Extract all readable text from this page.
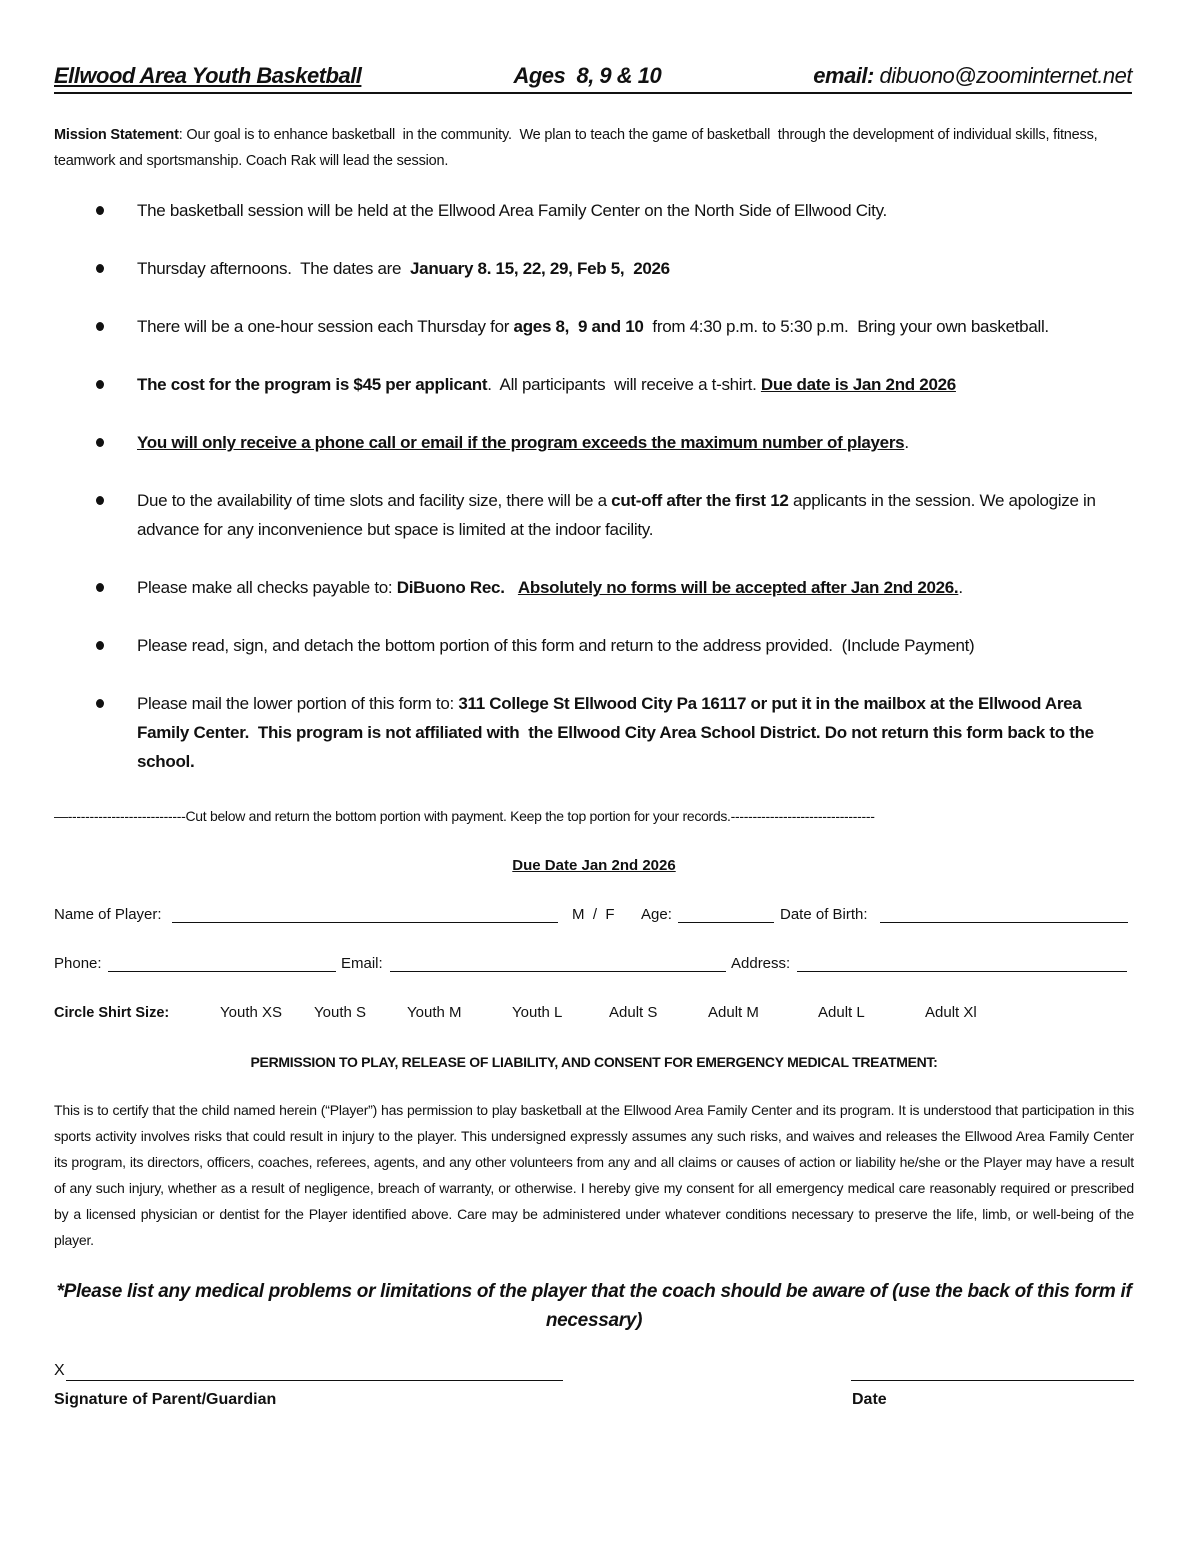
Ellwood Area Youth Basketball	Ages  8, 9 & 10	email: dibuono@zoominternet.net
Mission Statement: Our goal is to enhance basketball  in the community.  We plan to teach the game of basketball  through the development of individual skills, fitness, teamwork and sportsmanship. Coach Rak will lead the session.
The basketball session will be held at the Ellwood Area Family Center on the North Side of Ellwood City.
Thursday afternoons.  The dates are  January 8. 15, 22, 29, Feb 5,  2026
There will be a one-hour session each Thursday for ages 8,  9 and 10  from 4:30 p.m. to 5:30 p.m.  Bring your own basketball.
The cost for the program is $45 per applicant.  All participants  will receive a t-shirt. Due date is Jan 2nd 2026
You will only receive a phone call or email if the program exceeds the maximum number of players.
Due to the availability of time slots and facility size, there will be a cut-off after the first 12 applicants in the session. We apologize in advance for any inconvenience but space is limited at the indoor facility.
Please make all checks payable to: DiBuono Rec. Absolutely no forms will be accepted after Jan 2nd 2026..
Please read, sign, and detach the bottom portion of this form and return to the address provided.  (Include Payment)
Please mail the lower portion of this form to: 311 College St Ellwood City Pa 16117 or put it in the mailbox at the Ellwood Area Family Center.  This program is not affiliated with  the Ellwood City Area School District. Do not return this form back to the school.
—---------------------------Cut below and return the bottom portion with payment. Keep the top portion for your records.---------------------------------
Due Date Jan 2nd 2026
Name of Player:	M  /  F Age:	Date of Birth:
Phone:	Email:	Address:
Circle Shirt Size:	Youth XS Youth S	Youth M	Youth L	Adult S	Adult M	Adult L	Adult Xl
PERMISSION TO PLAY, RELEASE OF LIABILITY, AND CONSENT FOR EMERGENCY MEDICAL TREATMENT:
This is to certify that the child named herein (“Player”) has permission to play basketball at the Ellwood Area Family Center and its program. It is understood that participation in this sports activity involves risks that could result in injury to the player. This undersigned expressly assumes any such risks, and waives and releases the Ellwood Area Family Center its program, its directors, officers, coaches, referees, agents, and any other volunteers from any and all claims or causes of action or liability he/she or the Player may have a result of any such injury, whether as a result of negligence, breach of warranty, or otherwise. I hereby give my consent for all emergency medical care reasonably required or prescribed by a licensed physician or dentist for the Player identified above. Care may be administered under whatever conditions necessary to preserve the life, limb, or well-being of the player.
*Please list any medical problems or limitations of the player that the coach should be aware of (use the back of this form if necessary)
X
Signature of Parent/Guardian	Date
